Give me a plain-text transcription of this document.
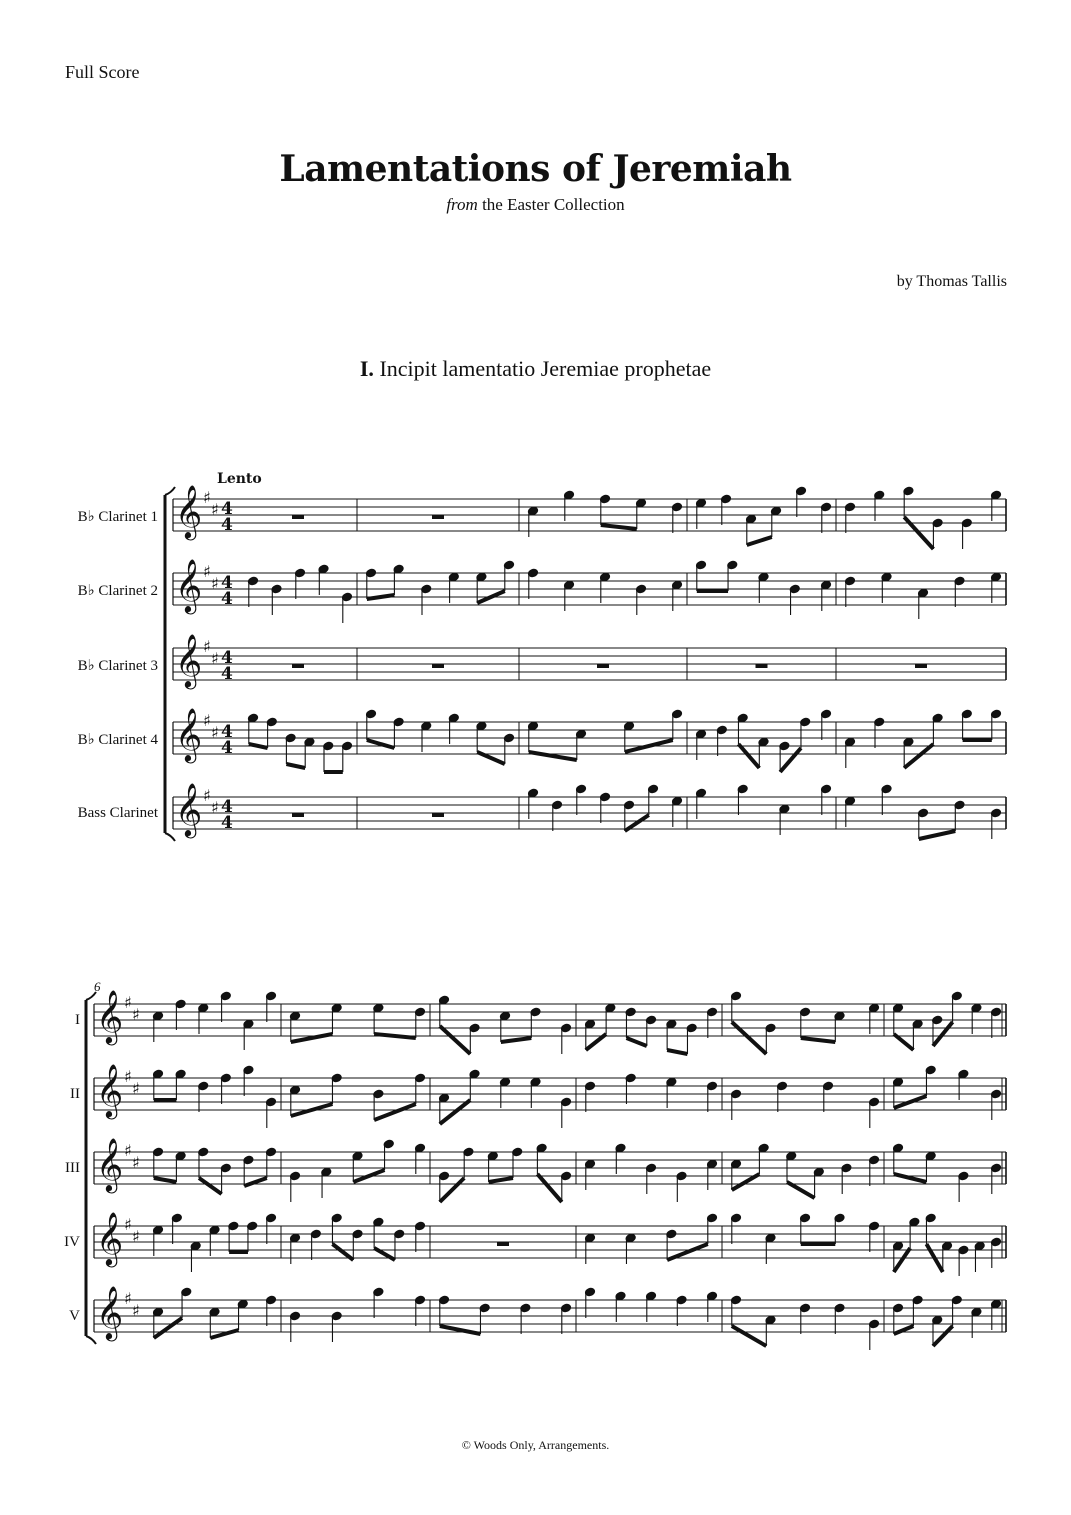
Full Score
Lamentations of Jeremiah
from the Easter Collection
by Thomas Tallis
I. Incipit lamentatio Jeremiae prophetae
Lento
6
B♭ Clarinet 1
B♭ Clarinet 2
B♭ Clarinet 3
B♭ Clarinet 4
Bass Clarinet
I
II
III
IV
V
© Woods Only, Arrangements.
𝄞 ♯
♯ 4
4
𝄞 ♯
♯ 4
4
𝄞 ♯
♯ 4
4
𝄞 ♯
♯ 4
4
𝄞 ♯
♯ 4
4
𝄞 ♯
♯
𝄞 ♯
♯
𝄞 ♯
♯
𝄞 ♯
♯
𝄞 ♯
♯
